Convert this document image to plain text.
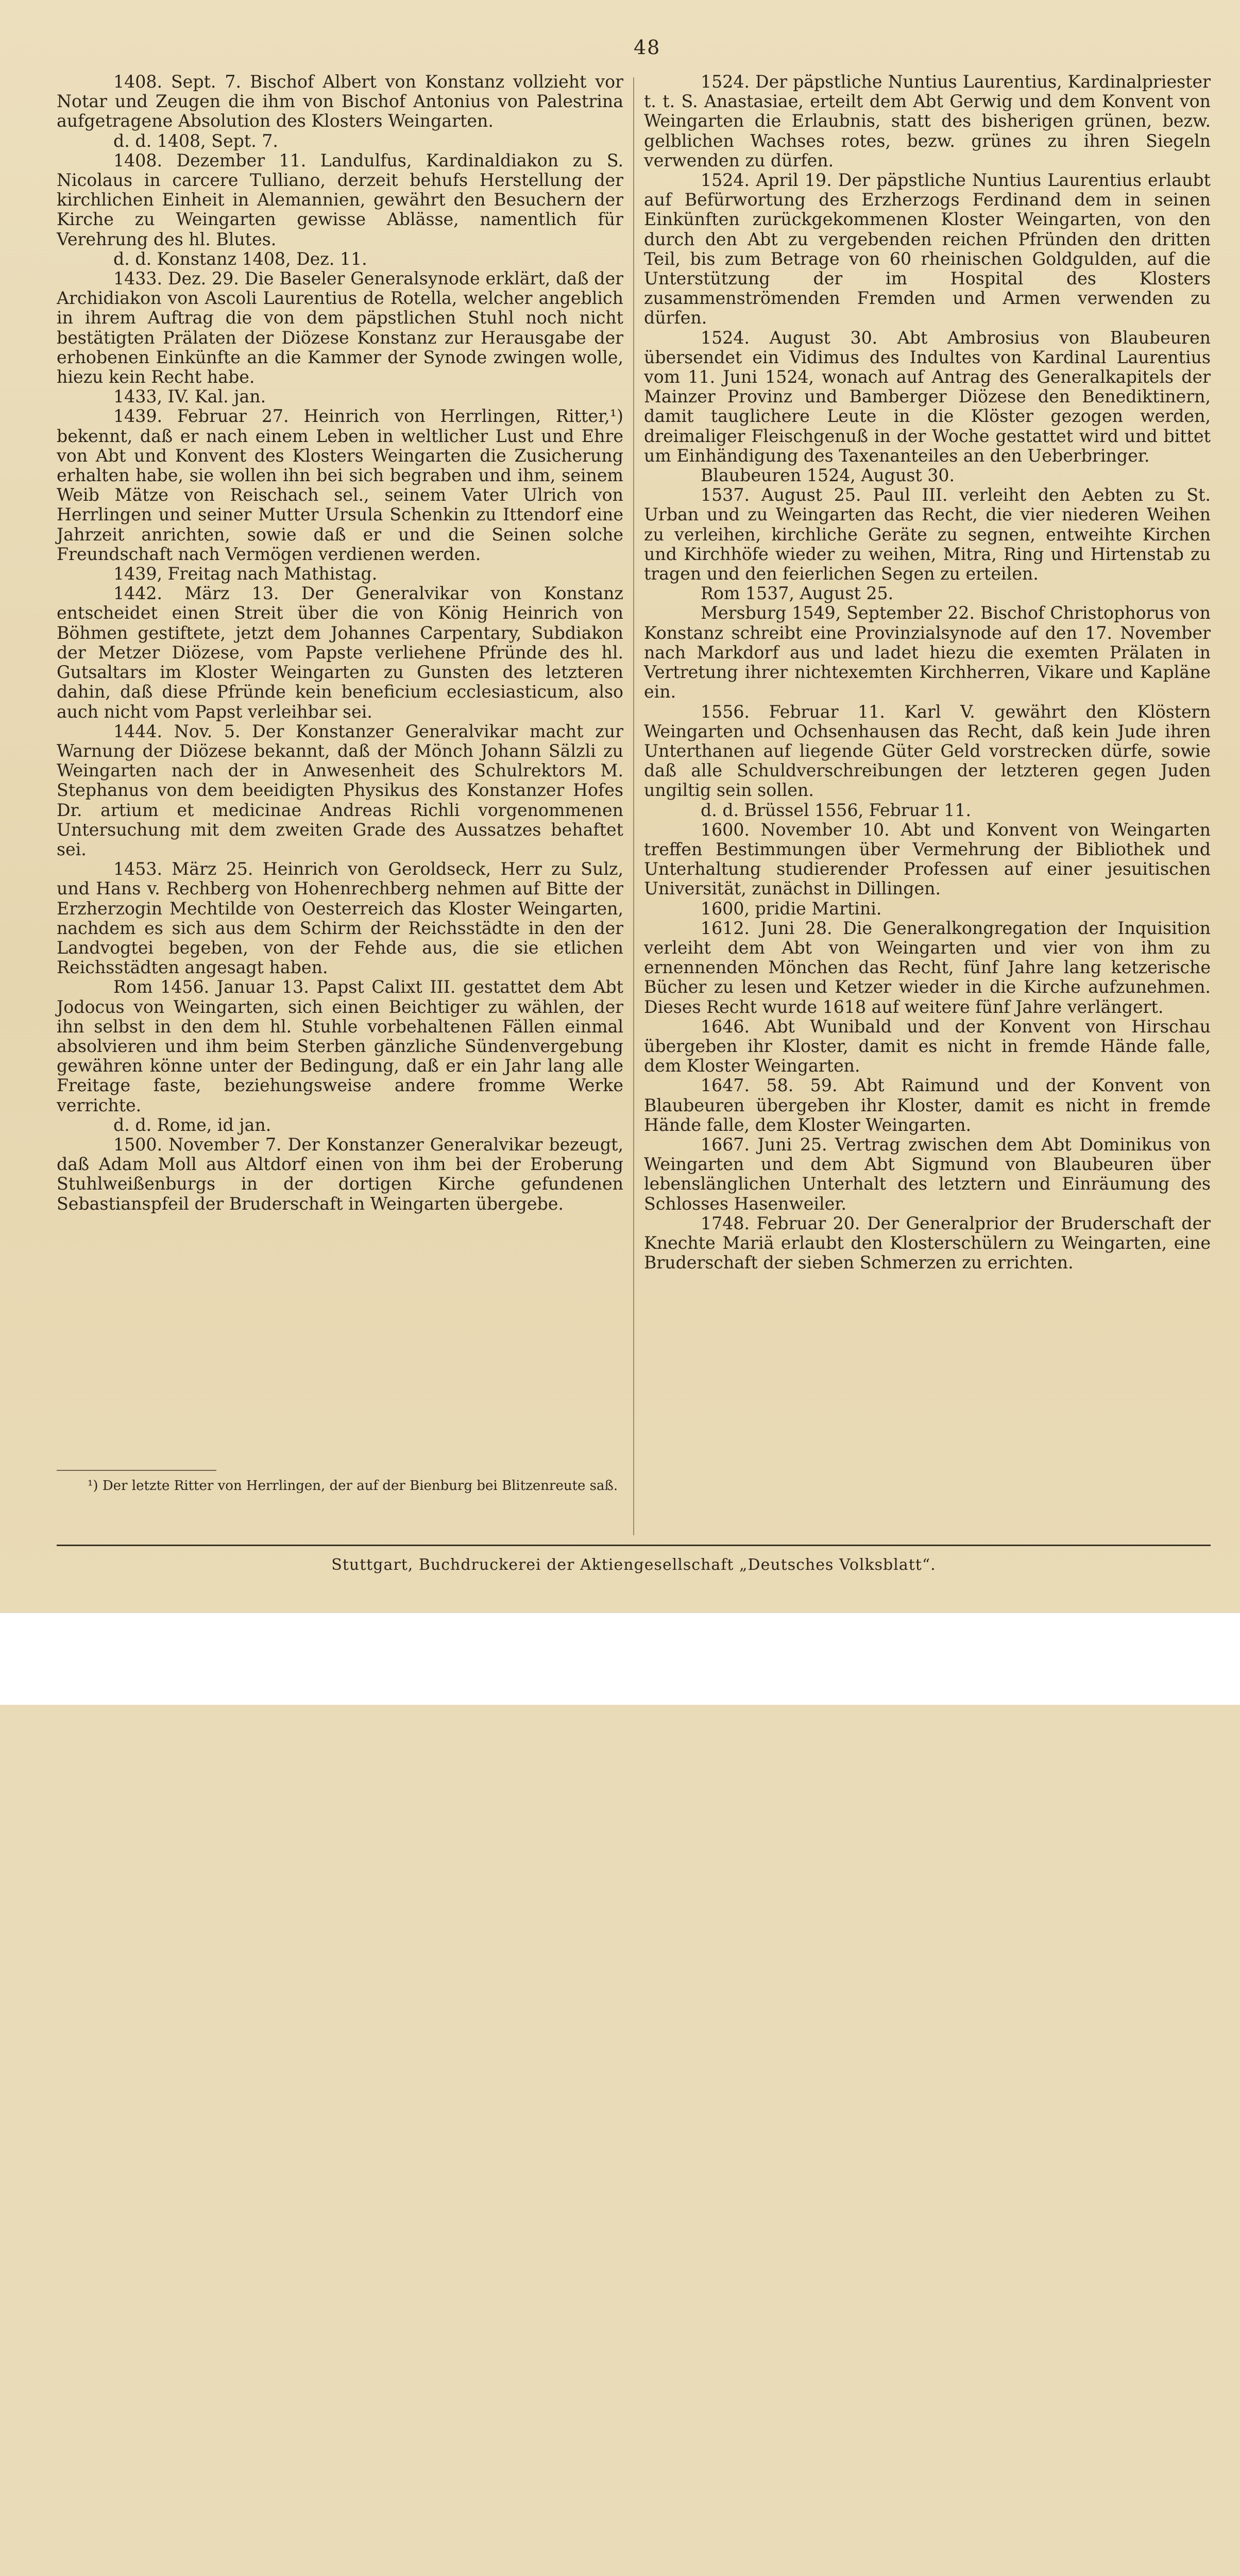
48

1408. Sept. 7. Bischof Albert von Konstanz vollzieht vor Notar und Zeugen die ihm von Bischof Antonius von Palestrina aufgetragene Absolution des Klosters Weingarten.

d. d. 1408, Sept. 7.

1408. Dezember 11. Landulfus, Kardinaldiakon zu S. Nicolaus in carcere Tulliano, derzeit behufs Herstellung der kirchlichen Einheit in Alemannien, gewährt den Besuchern der Kirche zu Weingarten gewisse Ablässe, namentlich für Verehrung des hl. Blutes.

d. d. Konstanz 1408, Dez. 11.

1433. Dez. 29. Die Baseler Generalsynode erklärt, daß der Archidiakon von Ascoli Laurentius de Rotella, welcher angeblich in ihrem Auftrag die von dem päpstlichen Stuhl noch nicht bestätigten Prälaten der Diözese Konstanz zur Herausgabe der erhobenen Einkünfte an die Kammer der Synode zwingen wolle, hiezu kein Recht habe.

1433, IV. Kal. jan.

1439. Februar 27. Heinrich von Herrlingen, Ritter,¹) bekennt, daß er nach einem Leben in weltlicher Lust und Ehre von Abt und Konvent des Klosters Weingarten die Zusicherung erhalten habe, sie wollen ihn bei sich begraben und ihm, seinem Weib Mätze von Reischach sel., seinem Vater Ulrich von Herrlingen und seiner Mutter Ursula Schenkin zu Ittendorf eine Jahrzeit anrichten, sowie daß er und die Seinen solche Freundschaft nach Vermögen verdienen werden.

1439, Freitag nach Mathistag.

1442. März 13. Der Generalvikar von Konstanz entscheidet einen Streit über die von König Heinrich von Böhmen gestiftete, jetzt dem Johannes Carpentary, Subdiakon der Metzer Diözese, vom Papste verliehene Pfründe des hl. Gutsaltars im Kloster Weingarten zu Gunsten des letzteren dahin, daß diese Pfründe kein beneficium ecclesiasticum, also auch nicht vom Papst verleihbar sei.

1444. Nov. 5. Der Konstanzer Generalvikar macht zur Warnung der Diözese bekannt, daß der Mönch Johann Sälzli zu Weingarten nach der in Anwesenheit des Schulrektors M. Stephanus von dem beeidigten Physikus des Konstanzer Hofes Dr. artium et medicinae Andreas Richli vorgenommenen Untersuchung mit dem zweiten Grade des Aussatzes behaftet sei.

1453. März 25. Heinrich von Geroldseck, Herr zu Sulz, und Hans v. Rechberg von Hohenrechberg nehmen auf Bitte der Erzherzogin Mechtilde von Oesterreich das Kloster Weingarten, nachdem es sich aus dem Schirm der Reichsstädte in den der Landvogtei begeben, von der Fehde aus, die sie etlichen Reichsstädten angesagt haben.

Rom 1456. Januar 13. Papst Calixt III. gestattet dem Abt Jodocus von Weingarten, sich einen Beichtiger zu wählen, der ihn selbst in den dem hl. Stuhle vorbehaltenen Fällen einmal absolvieren und ihm beim Sterben gänzliche Sündenvergebung gewähren könne unter der Bedingung, daß er ein Jahr lang alle Freitage faste, beziehungsweise andere fromme Werke verrichte.

d. d. Rome, id jan.

1500. November 7. Der Konstanzer Generalvikar bezeugt, daß Adam Moll aus Altdorf einen von ihm bei der Eroberung Stuhlweißenburgs in der dortigen Kirche gefundenen Sebastianspfeil der Bruderschaft in Weingarten übergebe.

1524. Der päpstliche Nuntius Laurentius, Kardinalpriester t. t. S. Anastasiae, erteilt dem Abt Gerwig und dem Konvent von Weingarten die Erlaubnis, statt des bisherigen grünen, bezw. gelblichen Wachses rotes, bezw. grünes zu ihren Siegeln verwenden zu dürfen.

1524. April 19. Der päpstliche Nuntius Laurentius erlaubt auf Befürwortung des Erzherzogs Ferdinand dem in seinen Einkünften zurückgekommenen Kloster Weingarten, von den durch den Abt zu vergebenden reichen Pfründen den dritten Teil, bis zum Betrage von 60 rheinischen Goldgulden, auf die Unterstützung der im Hospital des Klosters zusammenströmenden Fremden und Armen verwenden zu dürfen.

1524. August 30. Abt Ambrosius von Blaubeuren übersendet ein Vidimus des Indultes von Kardinal Laurentius vom 11. Juni 1524, wonach auf Antrag des Generalkapitels der Mainzer Provinz und Bamberger Diözese den Benediktinern, damit tauglichere Leute in die Klöster gezogen werden, dreimaliger Fleischgenuß in der Woche gestattet wird und bittet um Einhändigung des Taxenanteiles an den Ueberbringer.

Blaubeuren 1524, August 30.

1537. August 25. Paul III. verleiht den Aebten zu St. Urban und zu Weingarten das Recht, die vier niederen Weihen zu verleihen, kirchliche Geräte zu segnen, entweihte Kirchen und Kirchhöfe wieder zu weihen, Mitra, Ring und Hirtenstab zu tragen und den feierlichen Segen zu erteilen.

Rom 1537, August 25.

Mersburg 1549, September 22. Bischof Christophorus von Konstanz schreibt eine Provinzialsynode auf den 17. November nach Markdorf aus und ladet hiezu die exemten Prälaten in Vertretung ihrer nichtexemten Kirchherren, Vikare und Kapläne ein.

1556. Februar 11. Karl V. gewährt den Klöstern Weingarten und Ochsenhausen das Recht, daß kein Jude ihren Unterthanen auf liegende Güter Geld vorstrecken dürfe, sowie daß alle Schuldverschreibungen der letzteren gegen Juden ungiltig sein sollen.

d. d. Brüssel 1556, Februar 11.

1600. November 10. Abt und Konvent von Weingarten treffen Bestimmungen über Vermehrung der Bibliothek und Unterhaltung studierender Professen auf einer jesuitischen Universität, zunächst in Dillingen.

1600, pridie Martini.

1612. Juni 28. Die Generalkongregation der Inquisition verleiht dem Abt von Weingarten und vier von ihm zu ernennenden Mönchen das Recht, fünf Jahre lang ketzerische Bücher zu lesen und Ketzer wieder in die Kirche aufzunehmen. Dieses Recht wurde 1618 auf weitere fünf Jahre verlängert.

1646. Abt Wunibald und der Konvent von Hirschau übergeben ihr Kloster, damit es nicht in fremde Hände falle, dem Kloster Weingarten.

1647. 58. 59. Abt Raimund und der Konvent von Blaubeuren übergeben ihr Kloster, damit es nicht in fremde Hände falle, dem Kloster Weingarten.

1667. Juni 25. Vertrag zwischen dem Abt Dominikus von Weingarten und dem Abt Sigmund von Blaubeuren über lebenslänglichen Unterhalt des letztern und Einräumung des Schlosses Hasenweiler.

1748. Februar 20. Der Generalprior der Bruderschaft der Knechte Mariä erlaubt den Klosterschülern zu Weingarten, eine Bruderschaft der sieben Schmerzen zu errichten.

¹) Der letzte Ritter von Herrlingen, der auf der Bienburg bei Blitzenreute saß.

Stuttgart, Buchdruckerei der Aktiengesellschaft „Deutsches Volksblatt“.
